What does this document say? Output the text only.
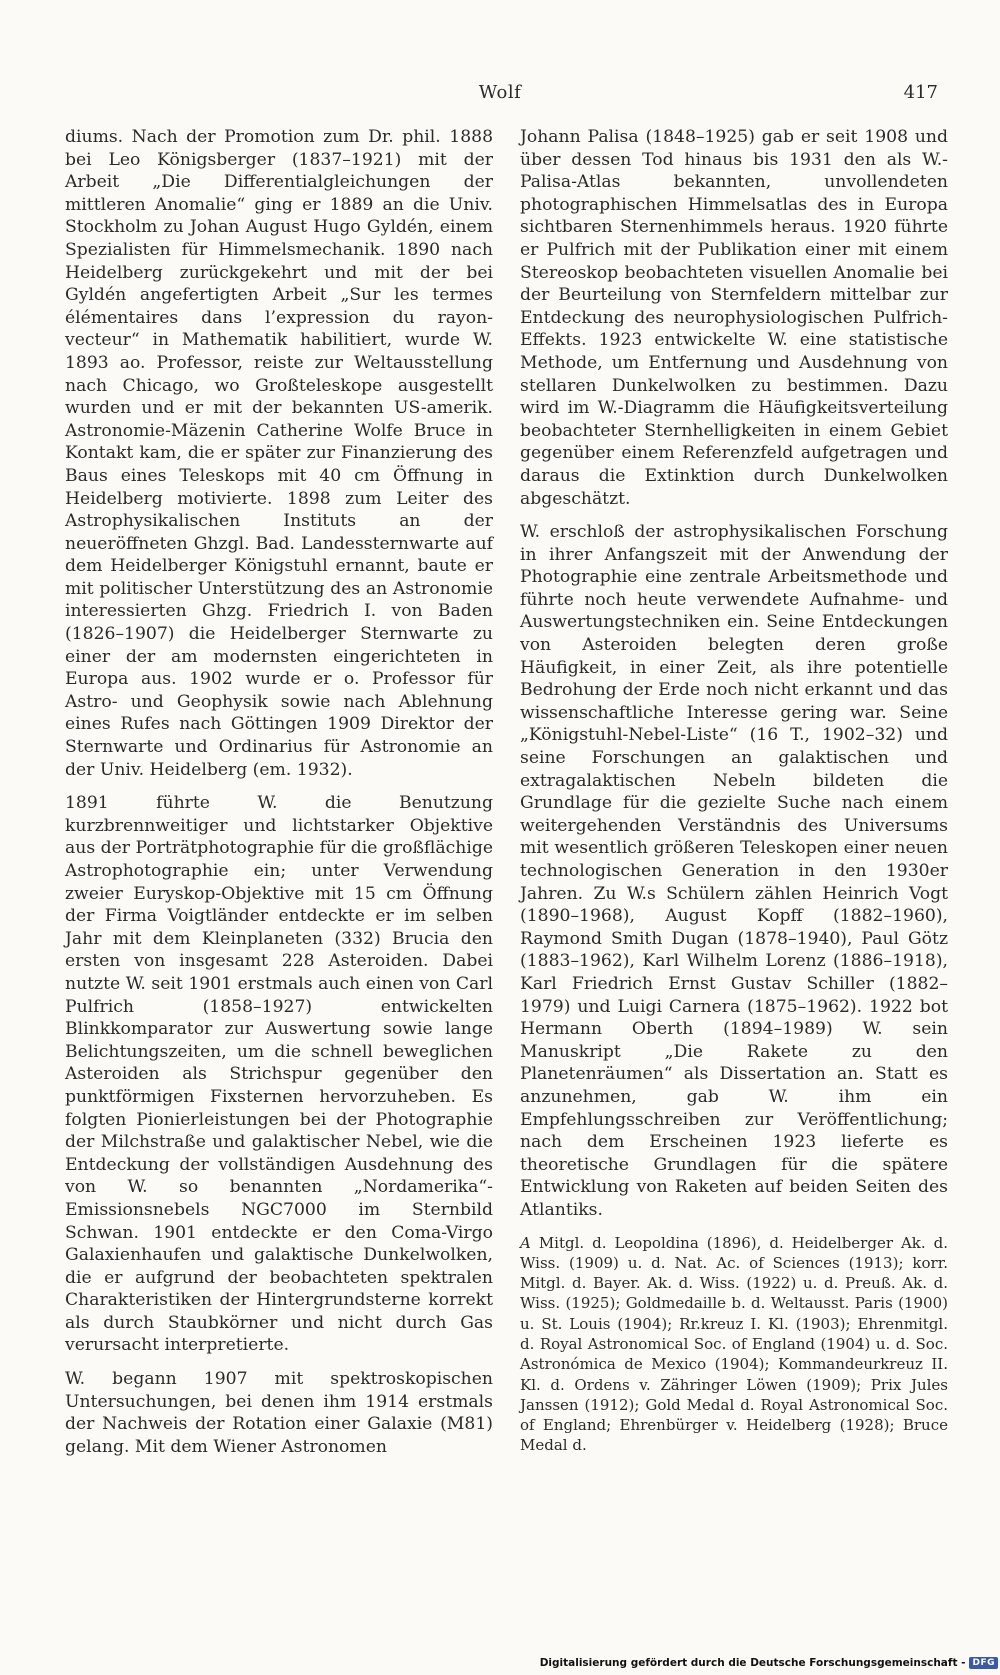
Wolf	417

diums. Nach der Promotion zum Dr. phil. 1888 bei Leo Königsberger (1837–1921) mit der Arbeit „Die Differentialgleichungen der mittleren Anomalie“ ging er 1889 an die Univ. Stockholm zu Johan August Hugo Gyldén, einem Spezialisten für Himmelsmechanik. 1890 nach Heidelberg zurückgekehrt und mit der bei Gyldén angefertigten Arbeit „Sur les termes élémentaires dans l’expression du rayon-vecteur“ in Mathematik habilitiert, wurde W. 1893 ao. Professor, reiste zur Weltausstellung nach Chicago, wo Großteleskope ausgestellt wurden und er mit der bekannten US-amerik. Astronomie-Mäzenin Catherine Wolfe Bruce in Kontakt kam, die er später zur Finanzierung des Baus eines Teleskops mit 40 cm Öffnung in Heidelberg motivierte. 1898 zum Leiter des Astrophysikalischen Instituts an der neueröffneten Ghzgl. Bad. Landessternwarte auf dem Heidelberger Königstuhl ernannt, baute er mit politischer Unterstützung des an Astronomie interessierten Ghzg. Friedrich I. von Baden (1826–1907) die Heidelberger Sternwarte zu einer der am modernsten eingerichteten in Europa aus. 1902 wurde er o. Professor für Astro- und Geophysik sowie nach Ablehnung eines Rufes nach Göttingen 1909 Direktor der Sternwarte und Ordinarius für Astronomie an der Univ. Heidelberg (em. 1932).

1891 führte W. die Benutzung kurzbrennweitiger und lichtstarker Objektive aus der Porträtphotographie für die großflächige Astrophotographie ein; unter Verwendung zweier Euryskop-Objektive mit 15 cm Öffnung der Firma Voigtländer entdeckte er im selben Jahr mit dem Kleinplaneten (332) Brucia den ersten von insgesamt 228 Asteroiden. Dabei nutzte W. seit 1901 erstmals auch einen von Carl Pulfrich (1858–1927) entwickelten Blinkkomparator zur Auswertung sowie lange Belichtungszeiten, um die schnell beweglichen Asteroiden als Strichspur gegenüber den punktförmigen Fixsternen hervorzuheben. Es folgten Pionierleistungen bei der Photographie der Milchstraße und galaktischer Nebel, wie die Entdeckung der vollständigen Ausdehnung des von W. so benannten „Nordamerika“-Emissionsnebels NGC7000 im Sternbild Schwan. 1901 entdeckte er den Coma-Virgo Galaxienhaufen und galaktische Dunkelwolken, die er aufgrund der beobachteten spektralen Charakteristiken der Hintergrundsterne korrekt als durch Staubkörner und nicht durch Gas verursacht interpretierte.

W. begann 1907 mit spektroskopischen Untersuchungen, bei denen ihm 1914 erstmals der Nachweis der Rotation einer Galaxie (M81) gelang. Mit dem Wiener Astronomen

Johann Palisa (1848–1925) gab er seit 1908 und über dessen Tod hinaus bis 1931 den als W.-Palisa-Atlas bekannten, unvollendeten photographischen Himmelsatlas des in Europa sichtbaren Sternenhimmels heraus. 1920 führte er Pulfrich mit der Publikation einer mit einem Stereoskop beobachteten visuellen Anomalie bei der Beurteilung von Sternfeldern mittelbar zur Entdeckung des neurophysiologischen Pulfrich-Effekts. 1923 entwickelte W. eine statistische Methode, um Entfernung und Ausdehnung von stellaren Dunkelwolken zu bestimmen. Dazu wird im W.-Diagramm die Häufigkeitsverteilung beobachteter Sternhelligkeiten in einem Gebiet gegenüber einem Referenzfeld aufgetragen und daraus die Extinktion durch Dunkelwolken abgeschätzt.

W. erschloß der astrophysikalischen Forschung in ihrer Anfangszeit mit der Anwendung der Photographie eine zentrale Arbeitsmethode und führte noch heute verwendete Aufnahme- und Auswertungstechniken ein. Seine Entdeckungen von Asteroiden belegten deren große Häufigkeit, in einer Zeit, als ihre potentielle Bedrohung der Erde noch nicht erkannt und das wissenschaftliche Interesse gering war. Seine „Königstuhl-Nebel-Liste“ (16 T., 1902–32) und seine Forschungen an galaktischen und extragalaktischen Nebeln bildeten die Grundlage für die gezielte Suche nach einem weitergehenden Verständnis des Universums mit wesentlich größeren Teleskopen einer neuen technologischen Generation in den 1930er Jahren. Zu W.s Schülern zählen Heinrich Vogt (1890–1968), August Kopff (1882–1960), Raymond Smith Dugan (1878–1940), Paul Götz (1883–1962), Karl Wilhelm Lorenz (1886–1918), Karl Friedrich Ernst Gustav Schiller (1882–1979) und Luigi Carnera (1875–1962). 1922 bot Hermann Oberth (1894–1989) W. sein Manuskript „Die Rakete zu den Planetenräumen“ als Dissertation an. Statt es anzunehmen, gab W. ihm ein Empfehlungsschreiben zur Veröffentlichung; nach dem Erscheinen 1923 lieferte es theoretische Grundlagen für die spätere Entwicklung von Raketen auf beiden Seiten des Atlantiks.

A Mitgl. d. Leopoldina (1896), d. Heidelberger Ak. d. Wiss. (1909) u. d. Nat. Ac. of Sciences (1913); korr. Mitgl. d. Bayer. Ak. d. Wiss. (1922) u. d. Preuß. Ak. d. Wiss. (1925); Goldmedaille b. d. Weltausst. Paris (1900) u. St. Louis (1904); Rr.kreuz I. Kl. (1903); Ehrenmitgl. d. Royal Astronomical Soc. of England (1904) u. d. Soc. Astronómica de Mexico (1904); Kommandeurkreuz II. Kl. d. Ordens v. Zähringer Löwen (1909); Prix Jules Janssen (1912); Gold Medal d. Royal Astronomical Soc. of England; Ehrenbürger v. Heidelberg (1928); Bruce Medal d.

Digitalisierung gefördert durch die Deutsche Forschungsgemeinschaft - DFG
